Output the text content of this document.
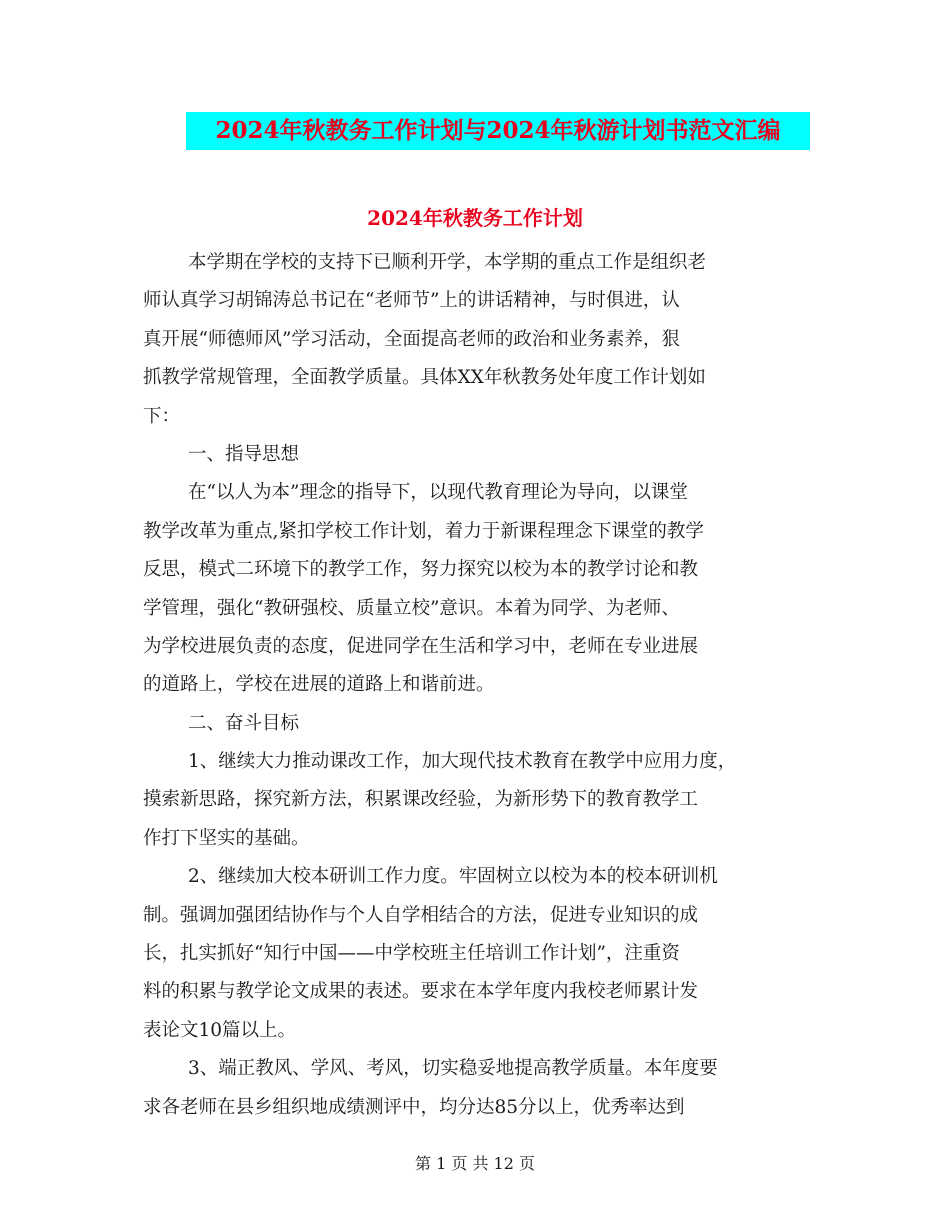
2024年秋教务工作计划与2024年秋游计划书范文汇编
2024年秋教务工作计划
本学期在学校的支持下已顺利开学，本学期的重点工作是组织老
师认真学习胡锦涛总书记在“老师节”上的讲话精神，与时俱进，认
真开展“师德师风”学习活动，全面提高老师的政治和业务素养，狠
抓教学常规管理，全面教学质量。具体XX年秋教务处年度工作计划如
下：
一、指导思想
在“以人为本”理念的指导下，以现代教育理论为导向，以课堂
教学改革为重点,紧扣学校工作计划，着力于新课程理念下课堂的教学
反思，模式二环境下的教学工作，努力探究以校为本的教学讨论和教
学管理，强化“教研强校、质量立校”意识。本着为同学、为老师、
为学校进展负责的态度，促进同学在生活和学习中，老师在专业进展
的道路上，学校在进展的道路上和谐前进。
二、奋斗目标
1、继续大力推动课改工作，加大现代技术教育在教学中应用力度，
摸索新思路，探究新方法，积累课改经验，为新形势下的教育教学工
作打下坚实的基础。
2、继续加大校本研训工作力度。牢固树立以校为本的校本研训机
制。强调加强团结协作与个人自学相结合的方法，促进专业知识的成
长，扎实抓好“知行中国——中学校班主任培训工作计划”，注重资
料的积累与教学论文成果的表述。要求在本学年度内我校老师累计发
表论文10篇以上。
3、端正教风、学风、考风，切实稳妥地提高教学质量。本年度要
求各老师在县乡组织地成绩测评中，均分达85分以上，优秀率达到
第 1 页 共 12 页
